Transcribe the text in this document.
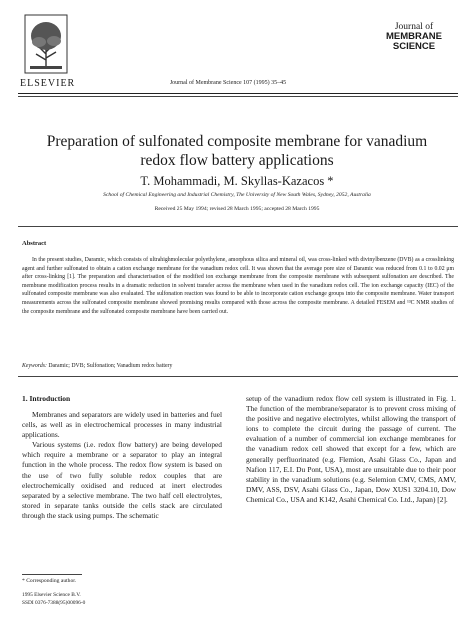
ELSEVIER	Journal of Membrane Science 107 (1995) 35–45
Journal of
MEMBRANE
SCIENCE
Preparation of sulfonated composite membrane for vanadium redox flow battery applications
T. Mohammadi, M. Skyllas-Kazacos *
School of Chemical Engineering and Industrial Chemistry, The University of New South Wales, Sydney, 2052, Australia
Received 25 May 1994; revised 28 March 1995; accepted 28 March 1995
Abstract
In the present studies, Daramic, which consists of ultrahighmolecular polyethylene, amorphous silica and mineral oil, was cross-linked with divinylbenzene (DVB) as a crosslinking agent and further sulfonated to obtain a cation exchange membrane for the vanadium redox cell. It was shown that the average pore size of Daramic was reduced from 0.1 to 0.02 μm after cross-linking [1]. The preparation and characterisation of the modified ion exchange membrane from the composite membrane with subsequent sulfonation are described. The membrane modification process results in a dramatic reduction in solvent transfer across the membrane when used in the vanadium redox cell. The ion exchange capacity (IEC) of the sulfonated composite membrane was also evaluated. The sulfonation reaction was found to be able to incorporate cation exchange groups into the composite membrane. Water transport measurements across the sulfonated composite membrane showed promising results compared with those across the composite membrane. A detailed FESEM and ¹³C NMR studies of the composite membrane and the sulfonated composite membrane have been carried out.
Keywords: Daramic; DVB; Sulfonation; Vanadium redox battery
1. Introduction

Membranes and separators are widely used in batteries and fuel cells, as well as in electrochemical processes in many industrial applications.

Various systems (i.e. redox flow battery) are being developed which require a membrane or a separator to play an integral function in the whole process. The redox flow system is based on the use of two fully soluble redox couples that are electrochemically oxidised and reduced at inert electrodes separated by a selective membrane. The two half cell electrolytes, stored in separate tanks outside the cells stack are circulated through the stack using pumps. The schematic

setup of the vanadium redox flow cell system is illustrated in Fig. 1. The function of the membrane/separator is to prevent cross mixing of the positive and negative electrolytes, whilst allowing the transport of ions to complete the circuit during the passage of current. The evaluation of a number of commercial ion exchange membranes for the vanadium redox cell showed that except for a few, which are generally perfluorinated (e.g. Flemion, Asahi Glass Co., Japan and Nafion 117, E.I. Du Pont, USA), most are unsuitable due to their poor stability in the vanadium solutions (e.g. Selemion CMV, CMS, AMV, DMV, ASS, DSV, Asahi Glass Co., Japan, Dow XUS1 3204.10, Dow Chemical Co., USA and K142, Asahi Chemical Co. Ltd., Japan) [2].

* Corresponding author.
1995 Elsevier Science B.V.
SSDI 0376-7388(95)00096-0
